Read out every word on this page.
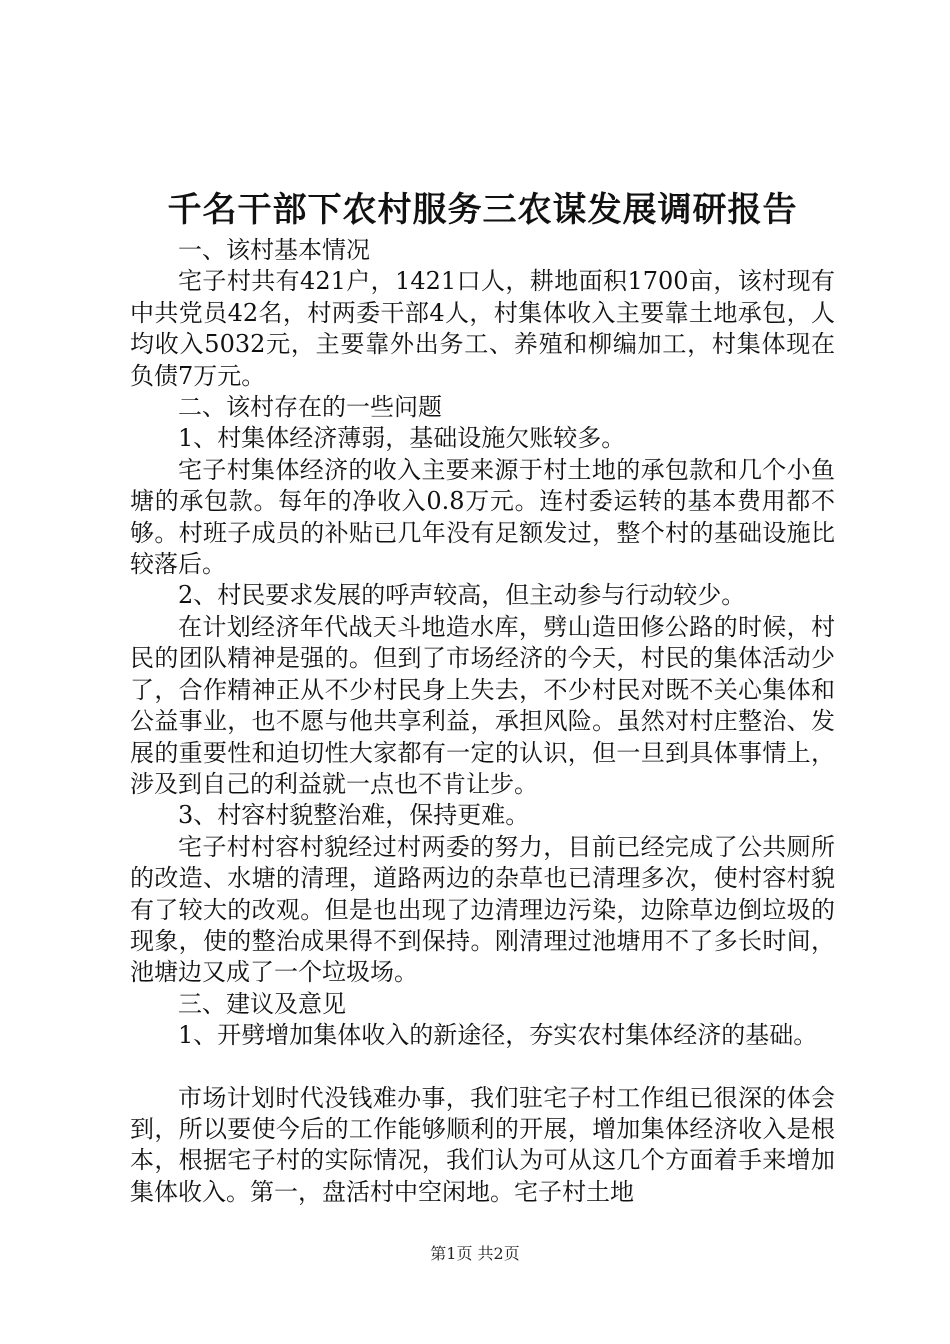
千名干部下农村服务三农谋发展调研报告

一、该村基本情况

宅子村共有421户，1421口人，耕地面积1700亩，该村现有中共党员42名，村两委干部4人，村集体收入主要靠土地承包，人均收入5032元，主要靠外出务工、养殖和柳编加工，村集体现在负债7万元。

二、该村存在的一些问题

1、村集体经济薄弱，基础设施欠账较多。

宅子村集体经济的收入主要来源于村土地的承包款和几个小鱼塘的承包款。每年的净收入0.8万元。连村委运转的基本费用都不够。村班子成员的补贴已几年没有足额发过，整个村的基础设施比较落后。

2、村民要求发展的呼声较高，但主动参与行动较少。

在计划经济年代战天斗地造水库，劈山造田修公路的时候，村民的团队精神是强的。但到了市场经济的今天，村民的集体活动少了，合作精神正从不少村民身上失去，不少村民对既不关心集体和公益事业，也不愿与他共享利益，承担风险。虽然对村庄整治、发展的重要性和迫切性大家都有一定的认识，但一旦到具体事情上，涉及到自己的利益就一点也不肯让步。

3、村容村貌整治难，保持更难。

宅子村村容村貌经过村两委的努力，目前已经完成了公共厕所的改造、水塘的清理，道路两边的杂草也已清理多次，使村容村貌有了较大的改观。但是也出现了边清理边污染，边除草边倒垃圾的现象，使的整治成果得不到保持。刚清理过池塘用不了多长时间，池塘边又成了一个垃圾场。

三、建议及意见

1、开劈增加集体收入的新途径，夯实农村集体经济的基础。

市场计划时代没钱难办事，我们驻宅子村工作组已很深的体会到，所以要使今后的工作能够顺利的开展，增加集体经济收入是根本，根据宅子村的实际情况，我们认为可从这几个方面着手来增加集体收入。第一，盘活村中空闲地。宅子村土地

第1页 共2页
